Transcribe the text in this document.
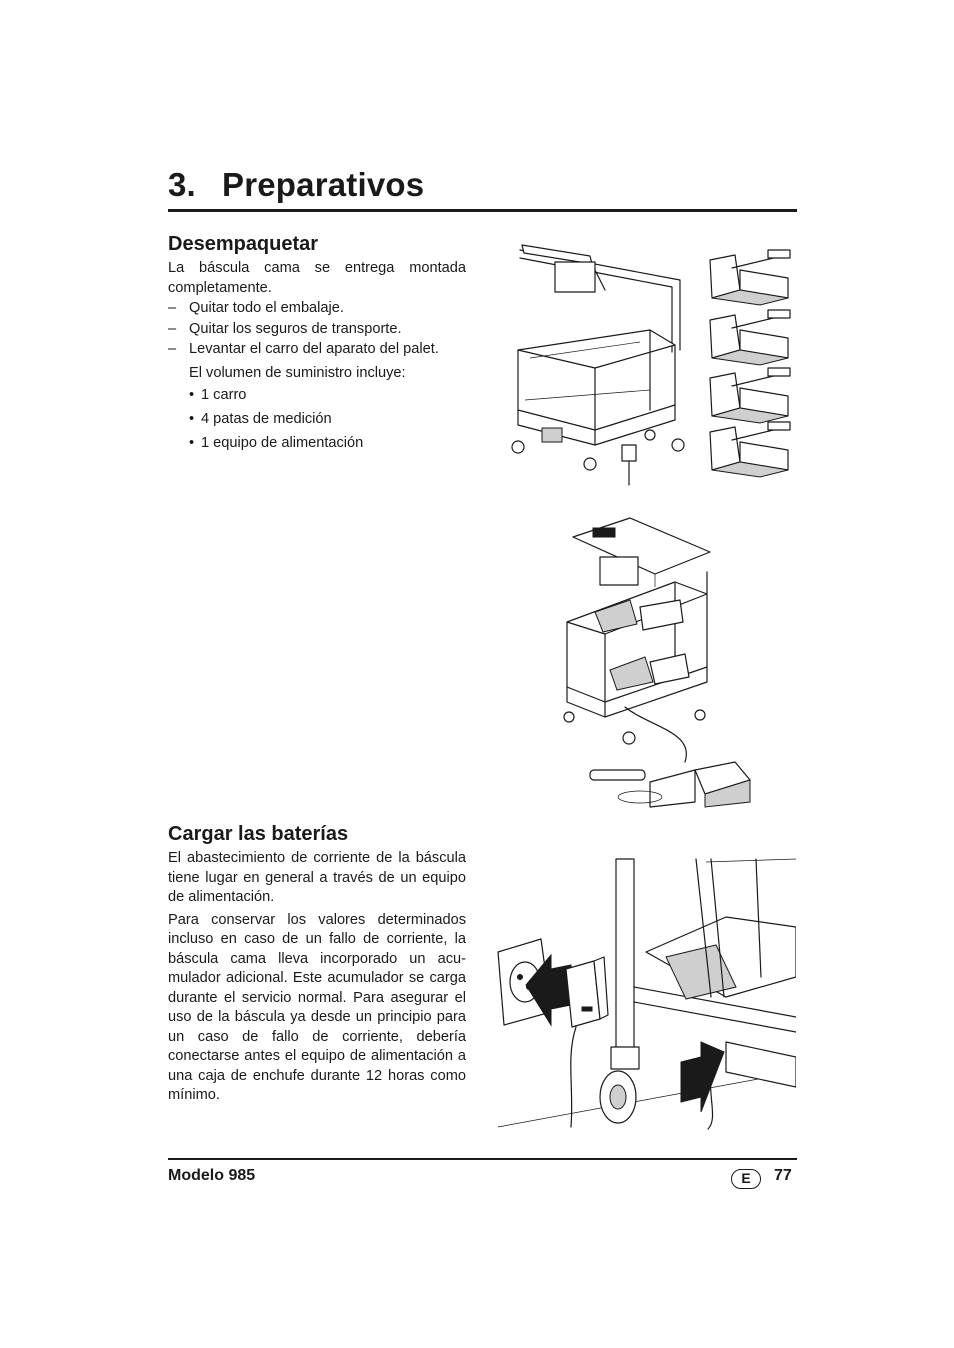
3. Preparativos
Desempaquetar

La báscula cama se entrega montada completamente.

– Quitar todo el embalaje.
– Quitar los seguros de transporte.
– Levantar el carro del aparato del palet.

El volumen de suministro incluye:

• 1 carro
• 4 patas de medición
• 1 equipo de alimentación
Cargar las baterías

El abastecimiento de corriente de la báscula tiene lugar en general a través de un equipo de alimentación.

Para conservar los valores determinados incluso en caso de un fallo de corriente, la báscula cama lleva incorporado un acumulador adicional. Este acumulador se carga durante el servicio normal. Para asegurar el uso de la báscula ya desde un principio para un caso de fallo de corriente, debería conectarse antes el equipo de alimentación a una caja de enchufe durante 12 horas como mínimo.

Modelo 985	E	77
